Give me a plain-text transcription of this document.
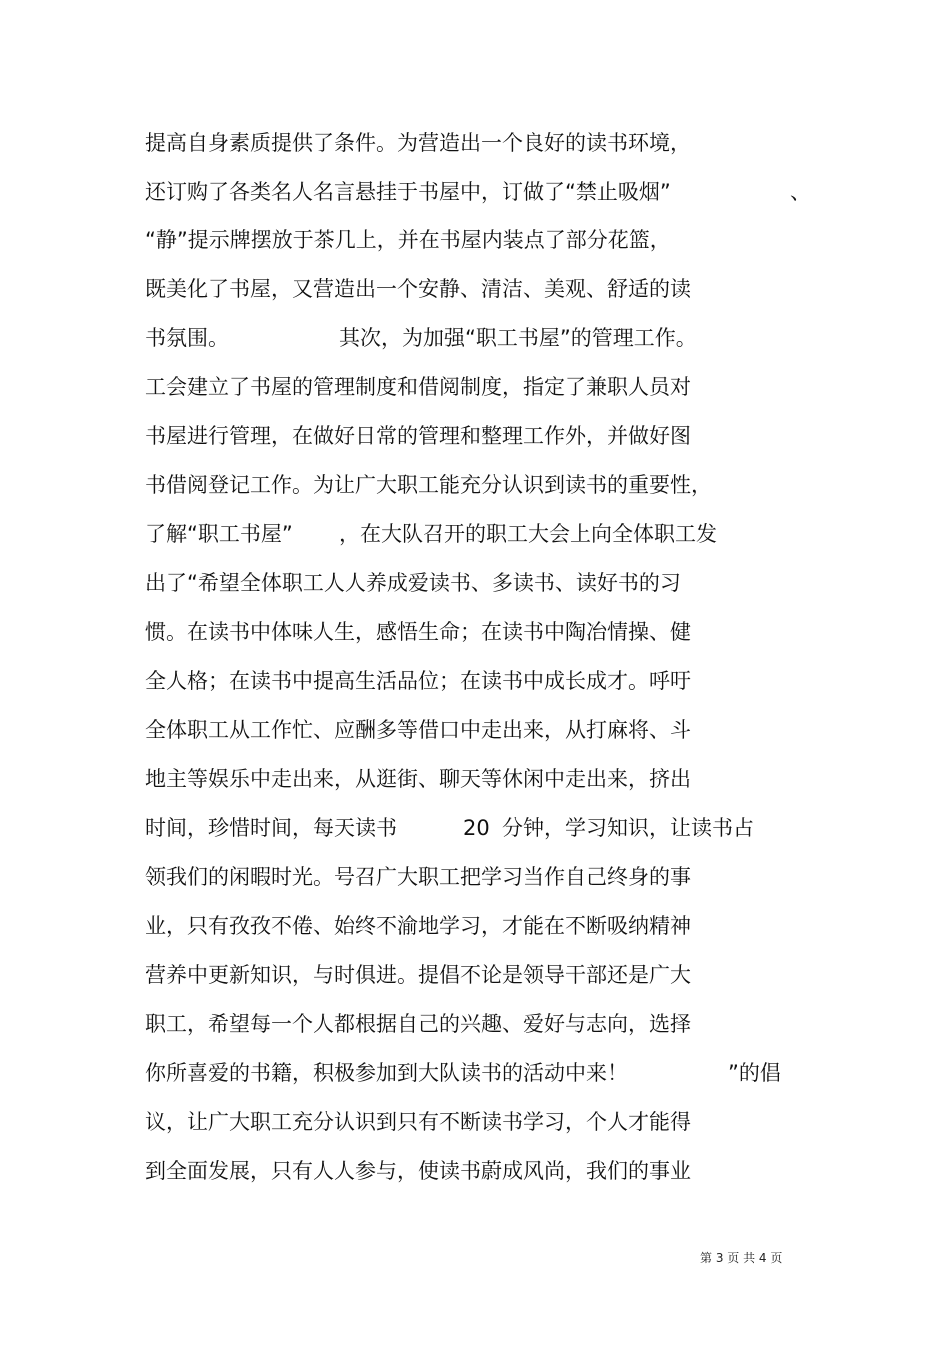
提高自身素质提供了条件。为营造出一个良好的读书环境，
还订购了各类名人名言悬挂于书屋中，订做了“禁止吸烟”	、
“静”提示牌摆放于茶几上，并在书屋内装点了部分花篮，
既美化了书屋，又营造出一个安静、清洁、美观、舒适的读
书氛围。	其次，为加强“职工书屋”的管理工作。
工会建立了书屋的管理制度和借阅制度，指定了兼职人员对
书屋进行管理，在做好日常的管理和整理工作外，并做好图
书借阅登记工作。为让广大职工能充分认识到读书的重要性，
了解“职工书屋” ，在大队召开的职工大会上向全体职工发
出了“希望全体职工人人养成爱读书、多读书、读好书的习
惯。在读书中体味人生，感悟生命；在读书中陶冶情操、健
全人格；在读书中提高生活品位；在读书中成长成才。呼吁
全体职工从工作忙、应酬多等借口中走出来，从打麻将、斗
地主等娱乐中走出来，从逛街、聊天等休闲中走出来，挤出
时间，珍惜时间，每天读书	20 分钟，学习知识，让读书占
领我们的闲暇时光。号召广大职工把学习当作自己终身的事
业，只有孜孜不倦、始终不渝地学习，才能在不断吸纳精神
营养中更新知识，与时俱进。提倡不论是领导干部还是广大
职工，希望每一个人都根据自己的兴趣、爱好与志向，选择
你所喜爱的书籍，积极参加到大队读书的活动中来！	”的倡
议，让广大职工充分认识到只有不断读书学习，个人才能得
到全面发展，只有人人参与，使读书蔚成风尚，我们的事业
第 3 页 共 4 页
